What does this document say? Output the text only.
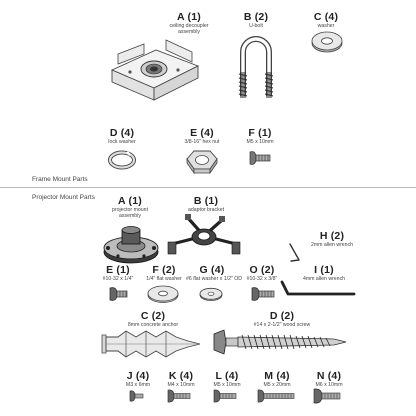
A (1)
ceiling decoupler
assembly
B (2)
U-bolt
C (4)
washer
D (4)
lock washer
E (4)
3/8-16" hex nut
F (1)
M5 x 10mm
Frame Mount Parts
Projector Mount Parts	A (1)
projector mount
assembly
B (1)
adaptor bracket
H (2)
2mm allen wrench
E (1)
#10-32 x 1/4"
F (2)
1/4" flat washer
G (4)
#6 flat washer x 1/2" OD
O (2)
#10-32 x 3/8"
I (1)
4mm allen wrench
C (2)
8mm concrete anchor
D (2)
#14 x 2-1/2" wood screw
J (4)
M3 x 6mm
K (4)
M4 x 10mm
L (4)
M5 x 10mm
M (4)
M5 x 20mm
N (4)
M6 x 10mm
